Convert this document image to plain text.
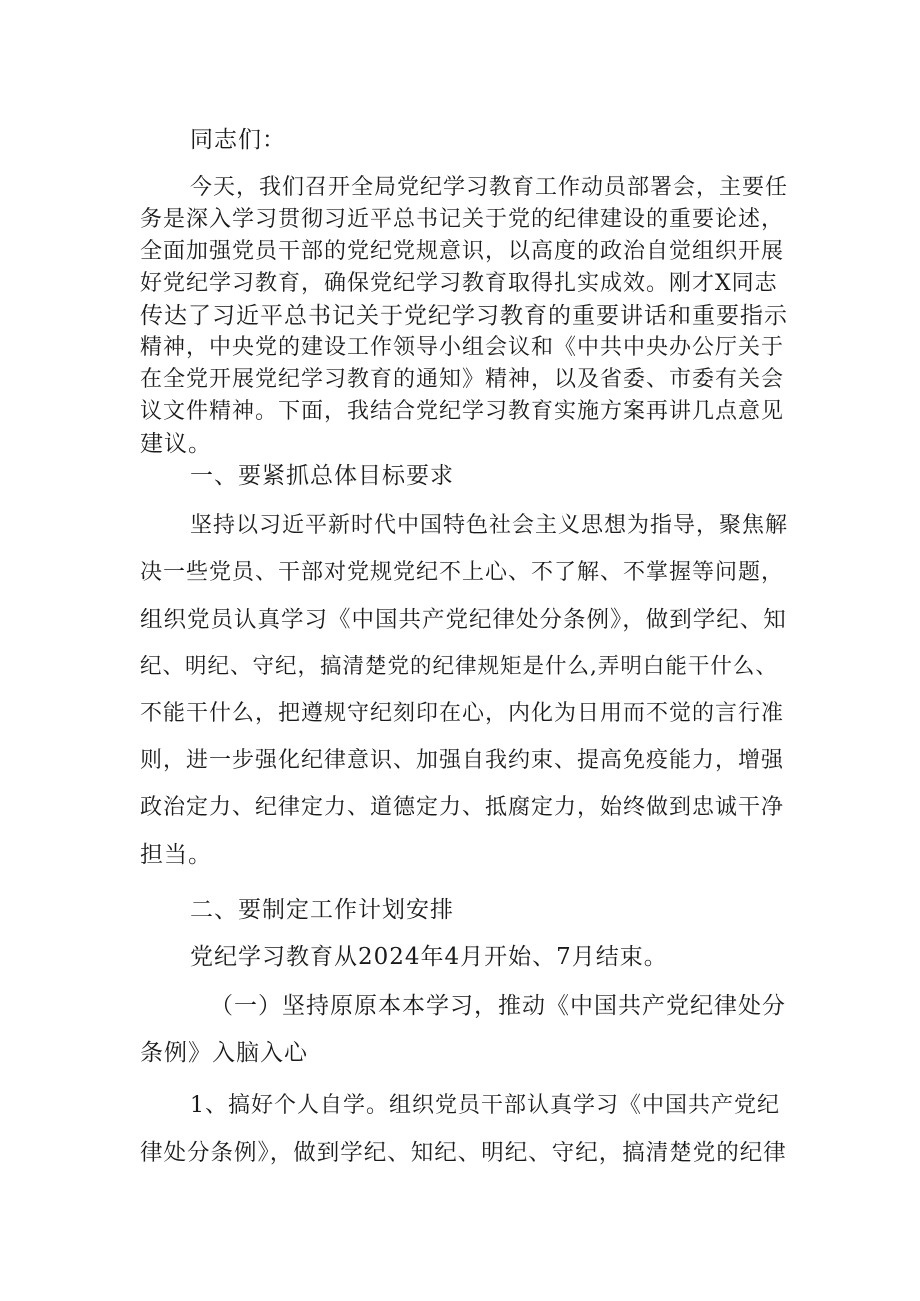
同志们：
今天，我们召开全局党纪学习教育工作动员部署会，主要任
务是深入学习贯彻习近平总书记关于党的纪律建设的重要论述，
全面加强党员干部的党纪党规意识，以高度的政治自觉组织开展
好党纪学习教育，确保党纪学习教育取得扎实成效。刚才X同志
传达了习近平总书记关于党纪学习教育的重要讲话和重要指示
精神，中央党的建设工作领导小组会议和《中共中央办公厅关于
在全党开展党纪学习教育的通知》精神，以及省委、市委有关会
议文件精神。下面，我结合党纪学习教育实施方案再讲几点意见
建议。
一、要紧抓总体目标要求
坚持以习近平新时代中国特色社会主义思想为指导，聚焦解
决一些党员、干部对党规党纪不上心、不了解、不掌握等问题，
组织党员认真学习《中国共产党纪律处分条例》，做到学纪、知
纪、明纪、守纪，搞清楚党的纪律规矩是什么,弄明白能干什么、
不能干什么，把遵规守纪刻印在心，内化为日用而不觉的言行准
则，进一步强化纪律意识、加强自我约束、提高免疫能力，增强
政治定力、纪律定力、道德定力、抵腐定力，始终做到忠诚干净
担当。
二、要制定工作计划安排
党纪学习教育从2024年4月开始、7月结束。
（一）坚持原原本本学习，推动《中国共产党纪律处分
条例》入脑入心
1、搞好个人自学。组织党员干部认真学习《中国共产党纪
律处分条例》，做到学纪、知纪、明纪、守纪，搞清楚党的纪律
